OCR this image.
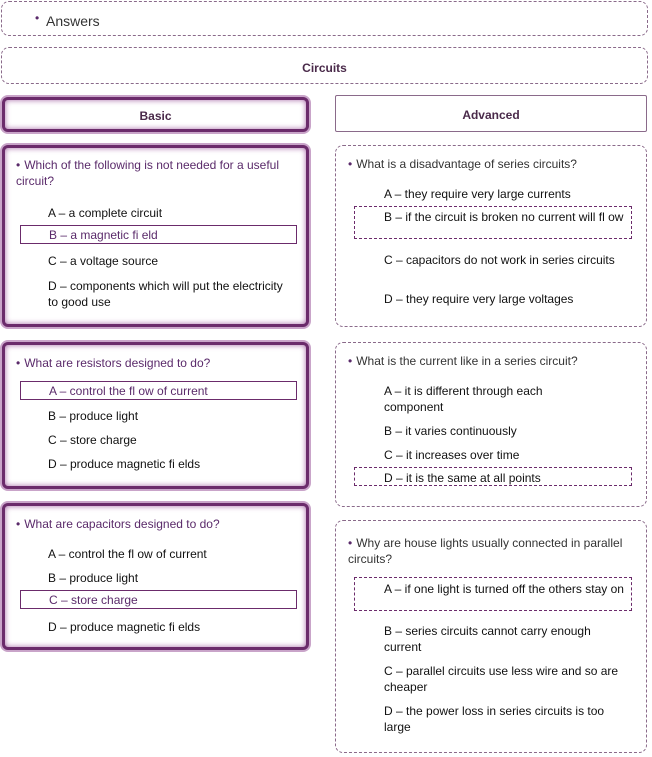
• Answers
Circuits
Basic	Advanced
• Which of the following is not needed for a useful circuit?
A – a complete circuit
B – a magnetic fi eld
C – a voltage source
D – components which will put the electricity to good use
• What are resistors designed to do?
A – control the fl ow of current
B – produce light
C – store charge
D – produce magnetic fi elds
• What are capacitors designed to do?
A – control the fl ow of current
B – produce light
C – store charge
D – produce magnetic fi elds
• What is a disadvantage of series circuits?
A – they require very large currents
B – if the circuit is broken no current will fl ow
C – capacitors do not work in series circuits
D – they require very large voltages
• What is the current like in a series circuit?
A – it is different through each component
B – it varies continuously
C – it increases over time
D – it is the same at all points
• Why are house lights usually connected in parallel circuits?
A – if one light is turned off the others stay on
B – series circuits cannot carry enough current
C – parallel circuits use less wire and so are cheaper
D – the power loss in series circuits is too large
